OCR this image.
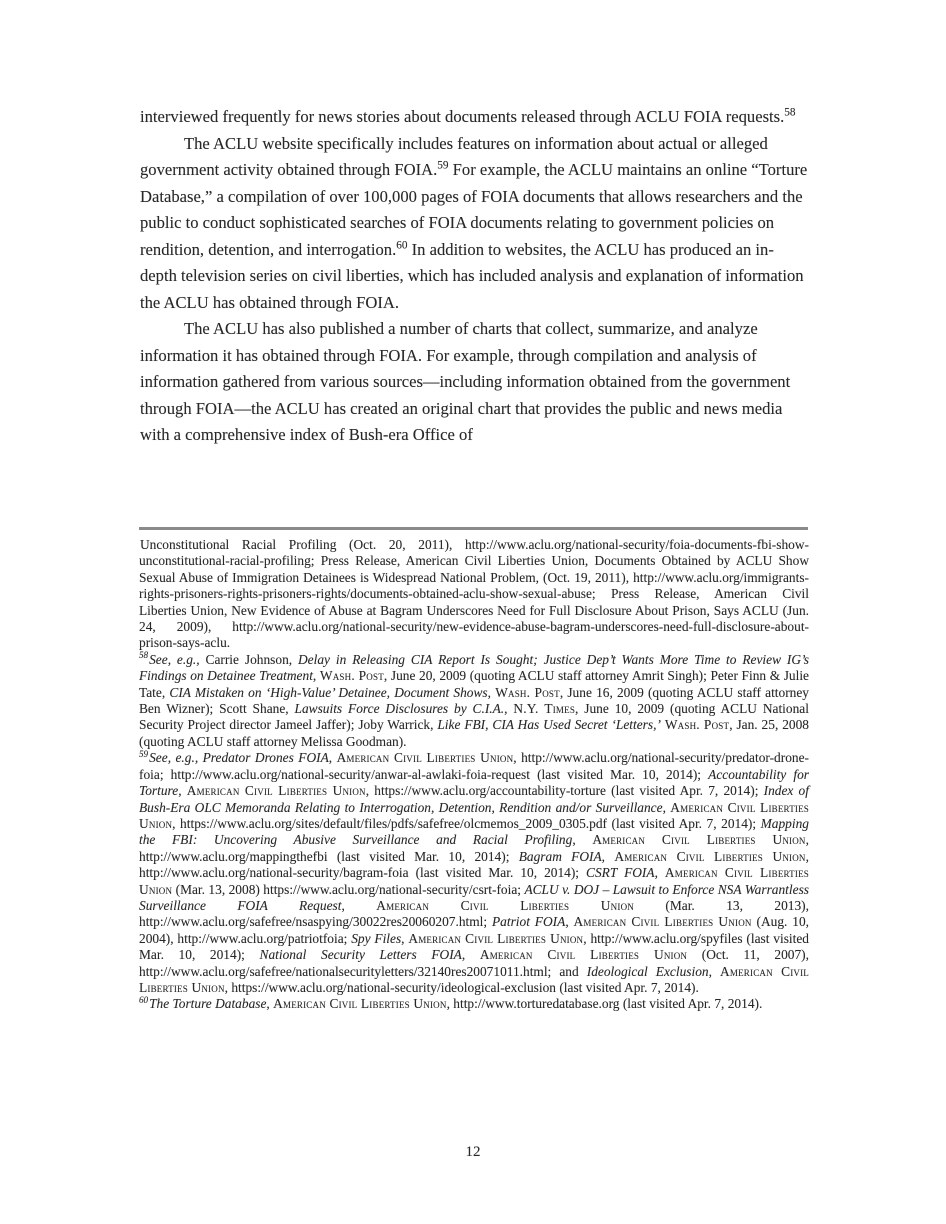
interviewed frequently for news stories about documents released through ACLU FOIA requests.$^{58}$

The ACLU website specifically includes features on information about actual or alleged government activity obtained through FOIA.$^{59}$ For example, the ACLU maintains an online “Torture Database,” a compilation of over 100,000 pages of FOIA documents that allows researchers and the public to conduct sophisticated searches of FOIA documents relating to government policies on rendition, detention, and interrogation.$^{60}$ In addition to websites, the ACLU has produced an in-depth television series on civil liberties, which has included analysis and explanation of information the ACLU has obtained through FOIA.

The ACLU has also published a number of charts that collect, summarize, and analyze information it has obtained through FOIA. For example, through compilation and analysis of information gathered from various sources—including information obtained from the government through FOIA—the ACLU has created an original chart that provides the public and news media with a comprehensive index of Bush-era Office of

Unconstitutional Racial Profiling (Oct. 20, 2011), http://www.aclu.org/national-security/foia-documents-fbi-show-unconstitutional-racial-profiling; Press Release, American Civil Liberties Union, Documents Obtained by ACLU Show Sexual Abuse of Immigration Detainees is Widespread National Problem, (Oct. 19, 2011), http://www.aclu.org/immigrants-rights-prisoners-rights-prisoners-rights/documents-obtained-aclu-show-sexual-abuse; Press Release, American Civil Liberties Union, New Evidence of Abuse at Bagram Underscores Need for Full Disclosure About Prison, Says ACLU (Jun. 24, 2009), http://www.aclu.org/national-security/new-evidence-abuse-bagram-underscores-need-full-disclosure-about-prison-says-aclu.

$^{58}$See, e.g., Carrie Johnson, Delay in Releasing CIA Report Is Sought; Justice Dep’t Wants More Time to Review IG’s Findings on Detainee Treatment, Wash. Post, June 20, 2009 (quoting ACLU staff attorney Amrit Singh); Peter Finn & Julie Tate, CIA Mistaken on ‘High-Value’ Detainee, Document Shows, Wash. Post, June 16, 2009 (quoting ACLU staff attorney Ben Wizner); Scott Shane, Lawsuits Force Disclosures by C.I.A., N.Y. Times, June 10, 2009 (quoting ACLU National Security Project director Jameel Jaffer); Joby Warrick, Like FBI, CIA Has Used Secret ‘Letters,’ Wash. Post, Jan. 25, 2008 (quoting ACLU staff attorney Melissa Goodman).

$^{59}$See, e.g., Predator Drones FOIA, American Civil Liberties Union, http://www.aclu.org/national-security/predator-drone-foia; http://www.aclu.org/national-security/anwar-al-awlaki-foia-request (last visited Mar. 10, 2014); Accountability for Torture, American Civil Liberties Union, https://www.aclu.org/accountability-torture (last visited Apr. 7, 2014); Index of Bush-Era OLC Memoranda Relating to Interrogation, Detention, Rendition and/or Surveillance, American Civil Liberties Union, https://www.aclu.org/sites/default/files/pdfs/safefree/olcmemos_2009_0305.pdf (last visited Apr. 7, 2014); Mapping the FBI: Uncovering Abusive Surveillance and Racial Profiling, American Civil Liberties Union, http://www.aclu.org/mappingthefbi (last visited Mar. 10, 2014); Bagram FOIA, American Civil Liberties Union, http://www.aclu.org/national-security/bagram-foia (last visited Mar. 10, 2014); CSRT FOIA, American Civil Liberties Union (Mar. 13, 2008) https://www.aclu.org/national-security/csrt-foia; ACLU v. DOJ – Lawsuit to Enforce NSA Warrantless Surveillance FOIA Request, American Civil Liberties Union (Mar. 13, 2013), http://www.aclu.org/safefree/nsaspying/30022res20060207.html; Patriot FOIA, American Civil Liberties Union (Aug. 10, 2004), http://www.aclu.org/patriotfoia; Spy Files, American Civil Liberties Union, http://www.aclu.org/spyfiles (last visited Mar. 10, 2014); National Security Letters FOIA, American Civil Liberties Union (Oct. 11, 2007), http://www.aclu.org/safefree/nationalsecurityletters/32140res20071011.html; and Ideological Exclusion, American Civil Liberties Union, https://www.aclu.org/national-security/ideological-exclusion (last visited Apr. 7, 2014).

$^{60}$The Torture Database, American Civil Liberties Union, http://www.torturedatabase.org (last visited Apr. 7, 2014).

12
